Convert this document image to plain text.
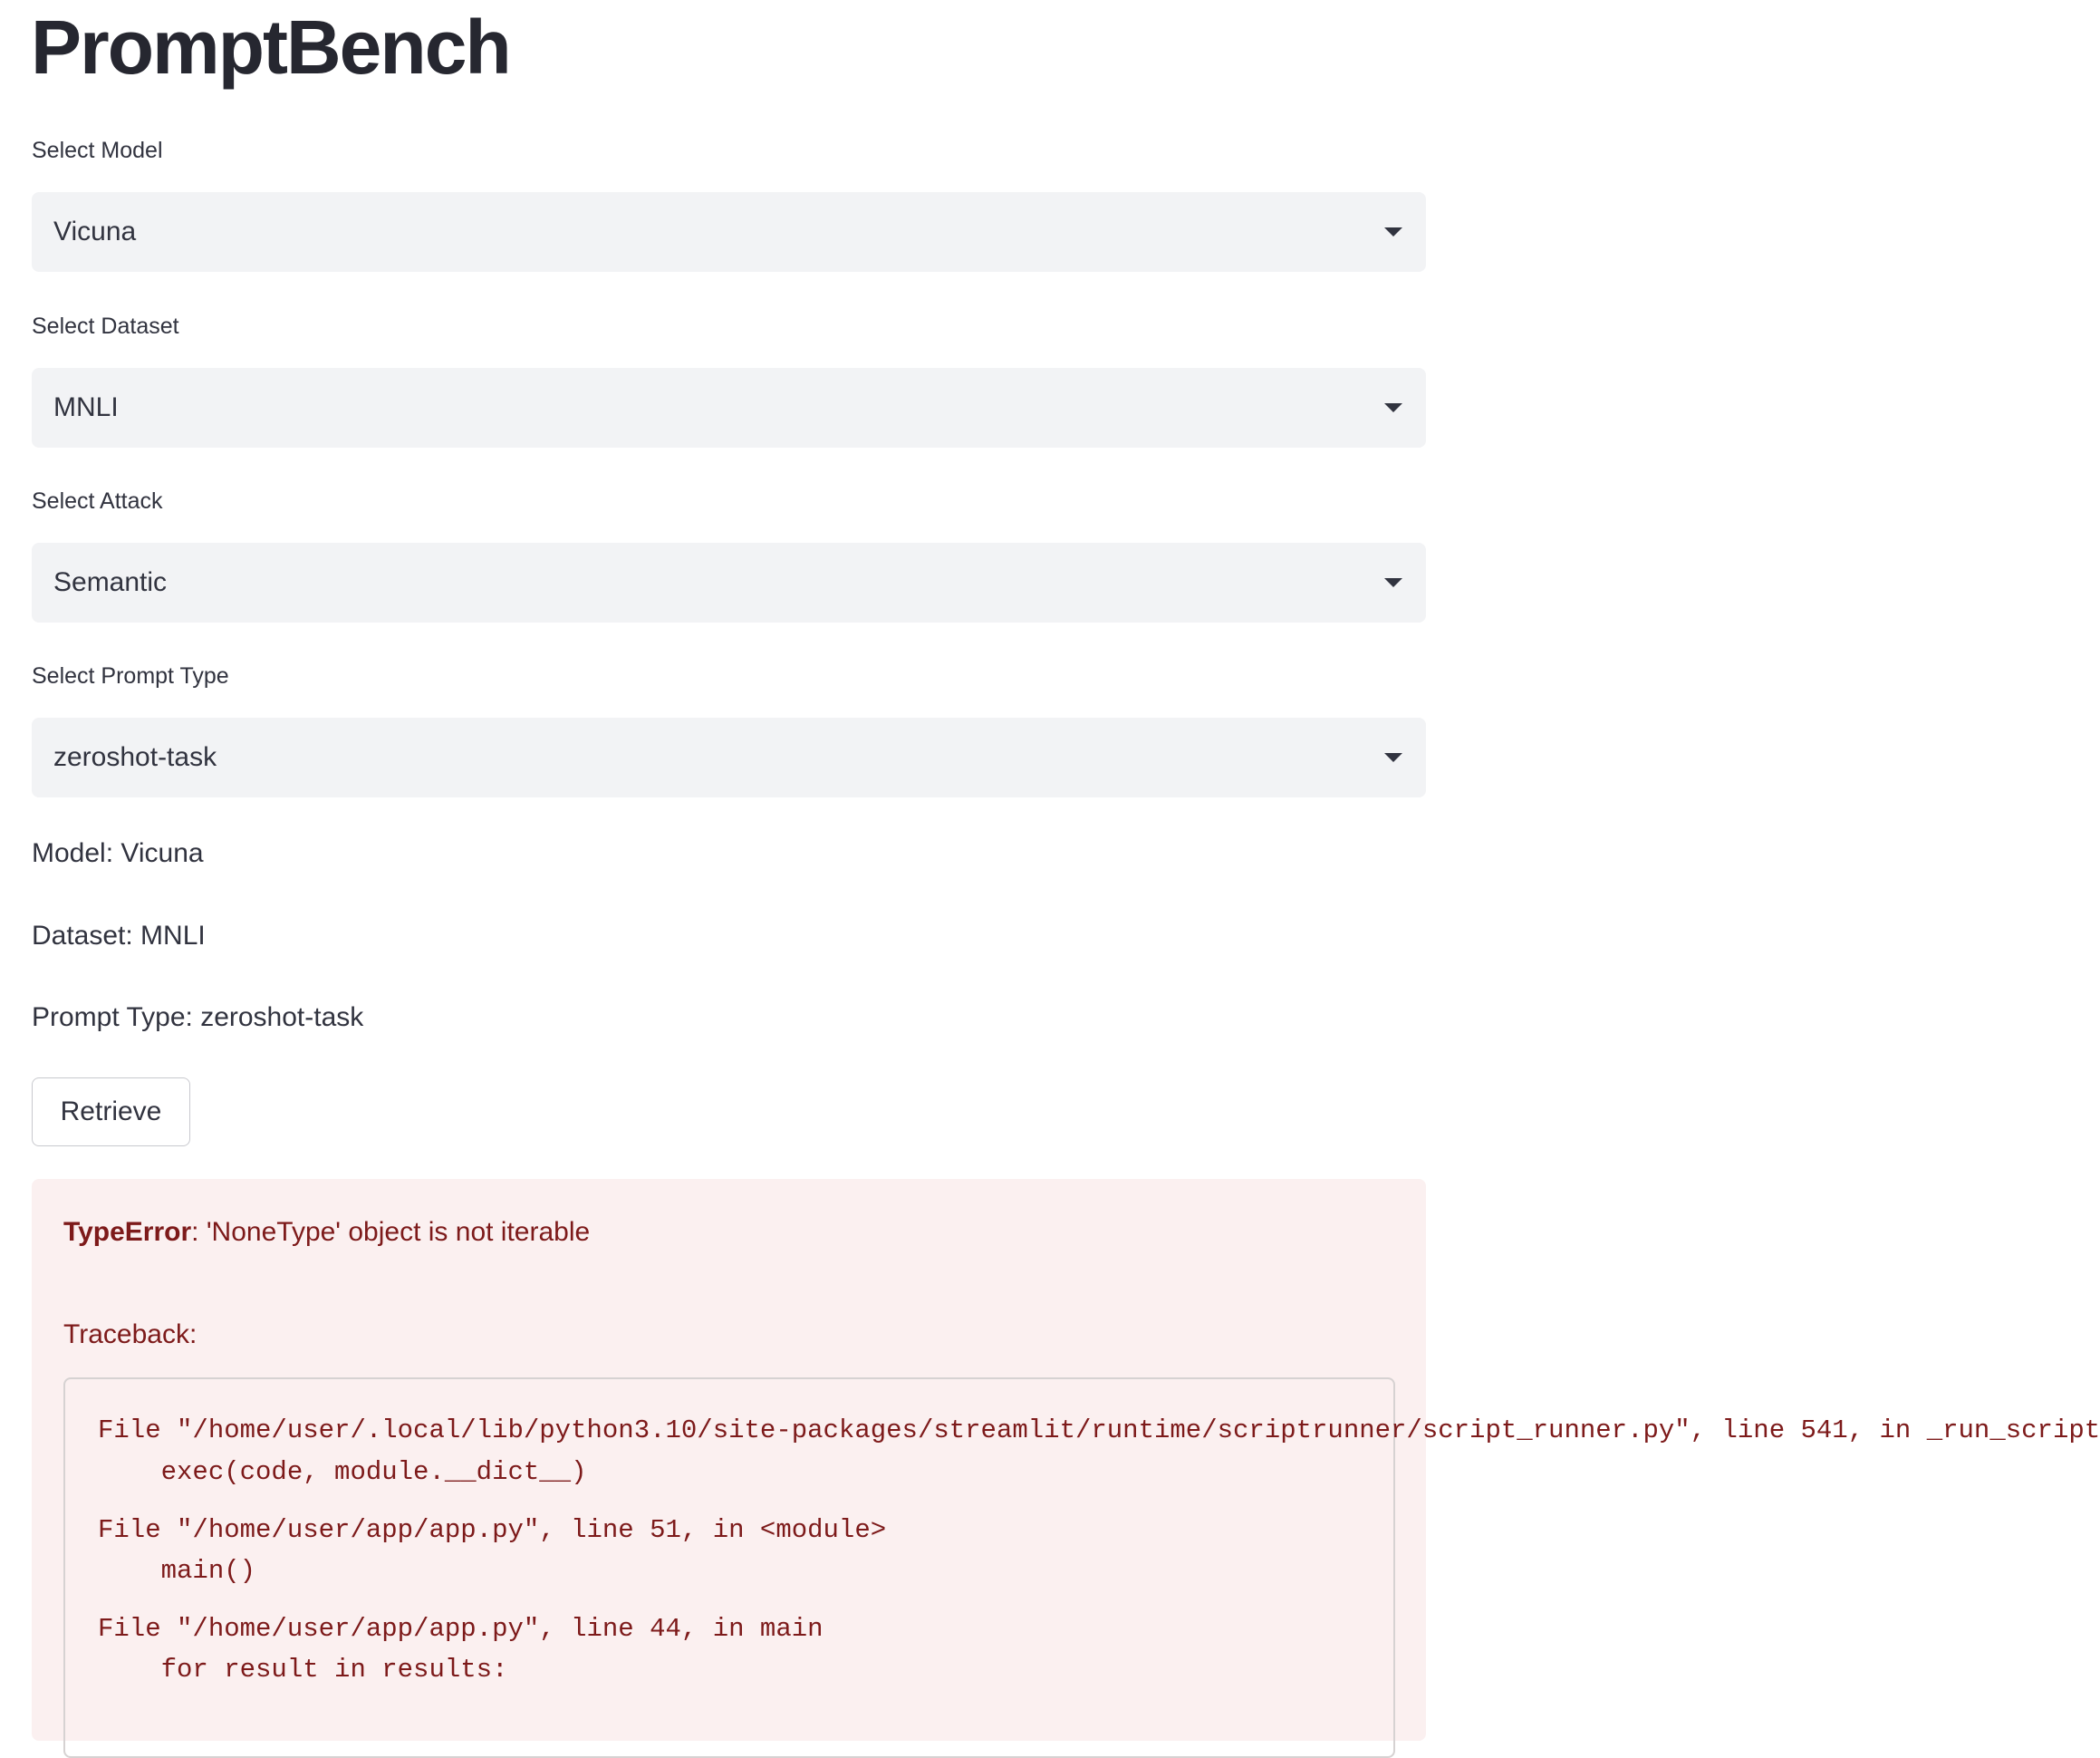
PromptBench
Select Model
Vicuna
Select Dataset
MNLI
Select Attack
Semantic
Select Prompt Type
zeroshot-task
Model: Vicuna
Dataset: MNLI
Prompt Type: zeroshot-task
Retrieve
TypeError: 'NoneType' object is not iterable
Traceback:
File "/home/user/.local/lib/python3.10/site-packages/streamlit/runtime/scriptrunner/script_runner.py", line 541, in _run_script
exec(code, module.__dict__)
File "/home/user/app/app.py", line 51, in <module>
main()
File "/home/user/app/app.py", line 44, in main
for result in results:
